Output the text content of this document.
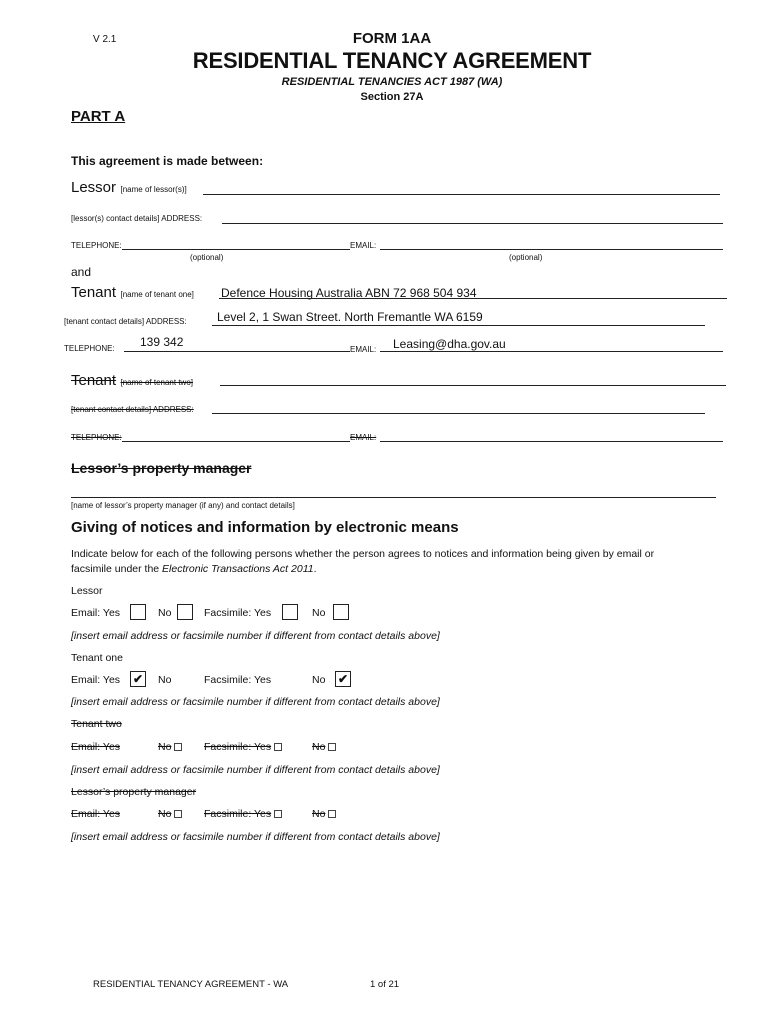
V 2.1	FORM 1AA
RESIDENTIAL TENANCY AGREEMENT
RESIDENTIAL TENANCIES ACT 1987 (WA)
Section 27A
PART A
This agreement is made between:
Lessor [name of lessor(s)]
[lessor(s) contact details] ADDRESS:
TELEPHONE:	EMAIL:
(optional)	(optional)
and
Tenant [name of tenant one] Defence Housing Australia ABN 72 968 504 934
[tenant contact details] ADDRESS:	Level 2, 1 Swan Street. North Fremantle WA 6159
TELEPHONE: 139 342
EMAIL: Leasing@dha.gov.au
Tenant [name of tenant two]
[tenant contact details] ADDRESS:
TELEPHONE:	EMAIL:
Lessor’s property manager
[name of lessor’s property manager (if any) and contact details]
Giving of notices and information by electronic means
Indicate below for each of the following persons whether the person agrees to notices and information being given by email or
facsimile under the Electronic Transactions Act 2011.
Lessor
Email: Yes	No	Facsimile: Yes	No
[insert email address or facsimile number if different from contact details above]
Tenant one
Email: Yes ✔ No	Facsimile: Yes	No ✔
[insert email address or facsimile number if different from contact details above]
Tenant two
Email: Yes	No	Facsimile: Yes	No
[insert email address or facsimile number if different from contact details above]
Lessor’s property manager
Email: Yes	No	Facsimile: Yes	No
[insert email address or facsimile number if different from contact details above]
RESIDENTIAL TENANCY AGREEMENT - WA	1 of 21
